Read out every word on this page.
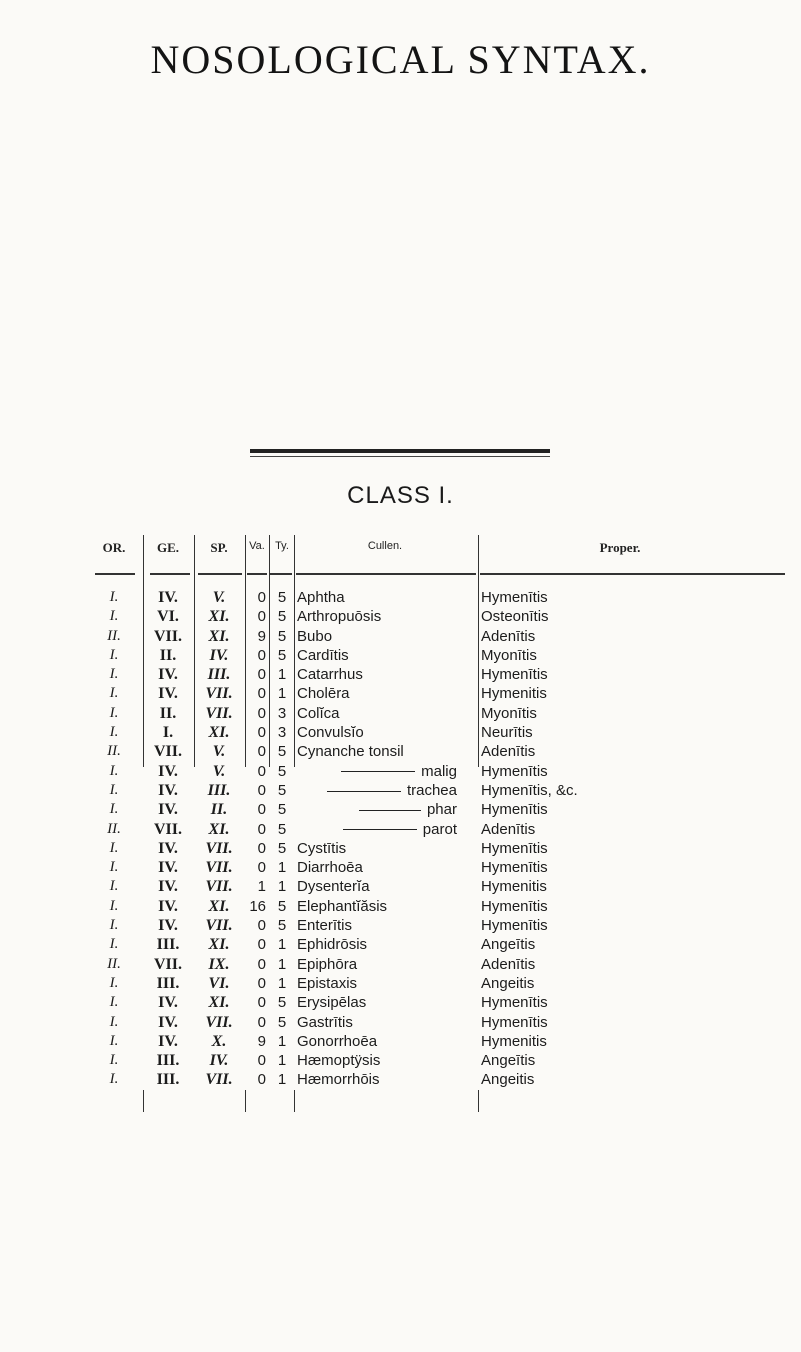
NOSOLOGICAL SYNTAX.
CLASS I.
OR.	GE.	SP.	Va. Ty.	Cullen.	Proper.
I.	IV.	V.	0 5 Aphtha	Hymenītis
I.	VI.	XI.	0 5 Arthropuōsis	Osteonītis
II.	VII.	XI.	9 5 Bubo	Adenītis
I.	II.	IV.	0 5 Cardītis	Myonītis
I.	IV.	III.	0 1 Catarrhus	Hymenītis
I.	IV.	VII.	0 1 Cholēra	Hymenitis
I.	II.	VII.	0 3 Colĭca	Myonītis
I.	I.	XI.	0 3 Convulsĭo	Neurītis
II.	VII.	V.	0 5 Cynanche tonsil	Adenītis
I.	IV.	V.	0 5	malig	Hymenītis
I.	IV.	III.	0 5	trachea	Hymenītis, &c.
I.	IV.	II.	0 5	phar	Hymenītis
II.	VII.	XI.	0 5	parot	Adenītis
I.	IV.	VII.	0 5 Cystītis	Hymenītis
I.	IV.	VII.	0 1 Diarrhoēa	Hymenītis
I.	IV.	VII.	1 1 Dysenterĭa	Hymenitis
I.	IV.	XI.	16 5 Elephantĭăsis	Hymenītis
I.	IV.	VII.	0 5 Enterītis	Hymenītis
I.	III.	XI.	0 1 Ephidrōsis	Angeītis
II.	VII.	IX.	0 1 Epiphōra	Adenītis
I.	III.	VI.	0 1 Epistaxis	Angeitis
I.	IV.	XI.	0 5 Erysipēlas	Hymenītis
I.	IV.	VII.	0 5 Gastrītis	Hymenītis
I.	IV.	X.	9 1 Gonorrhoēa	Hymenitis
I.	III.	IV.	0 1 Hæmoptÿsis	Angeītis
I.	III.	VII.	0 1 Hæmorrhōis	Angeitis
